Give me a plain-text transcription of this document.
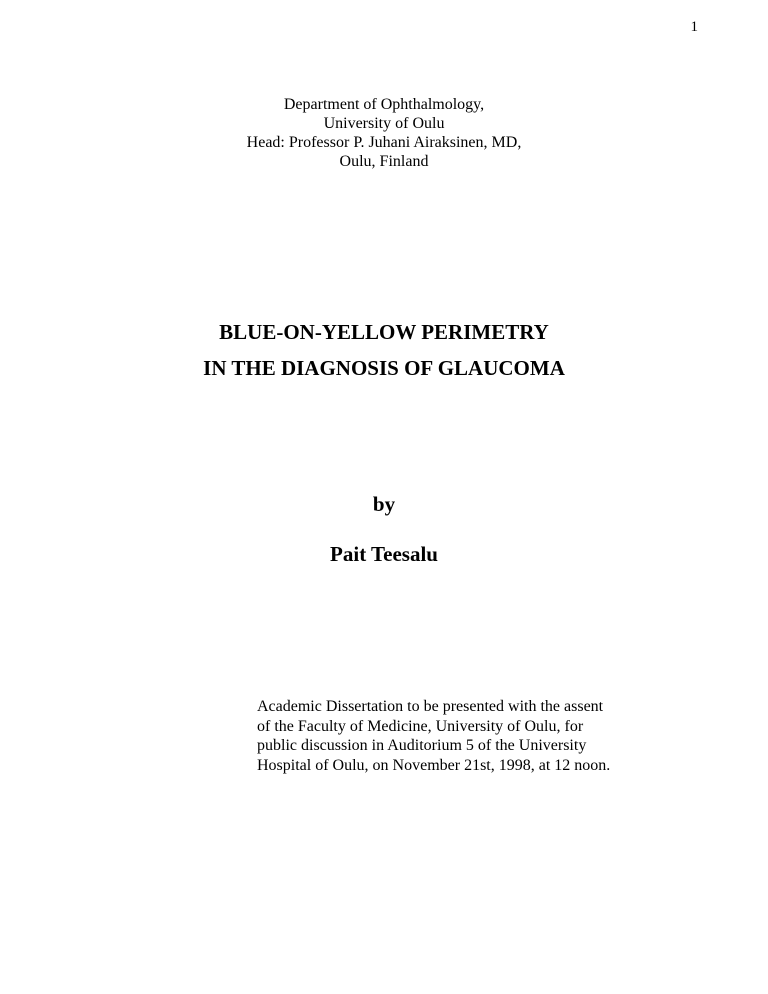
1
Department of Ophthalmology,
University of Oulu
Head: Professor P. Juhani Airaksinen, MD,
Oulu, Finland
BLUE-ON-YELLOW PERIMETRY
IN THE DIAGNOSIS OF GLAUCOMA
by
Pait Teesalu
Academic Dissertation to be presented with the assent
of the Faculty of Medicine, University of Oulu, for
public discussion in Auditorium 5 of the University
Hospital of Oulu, on November 21st, 1998, at 12 noon.
